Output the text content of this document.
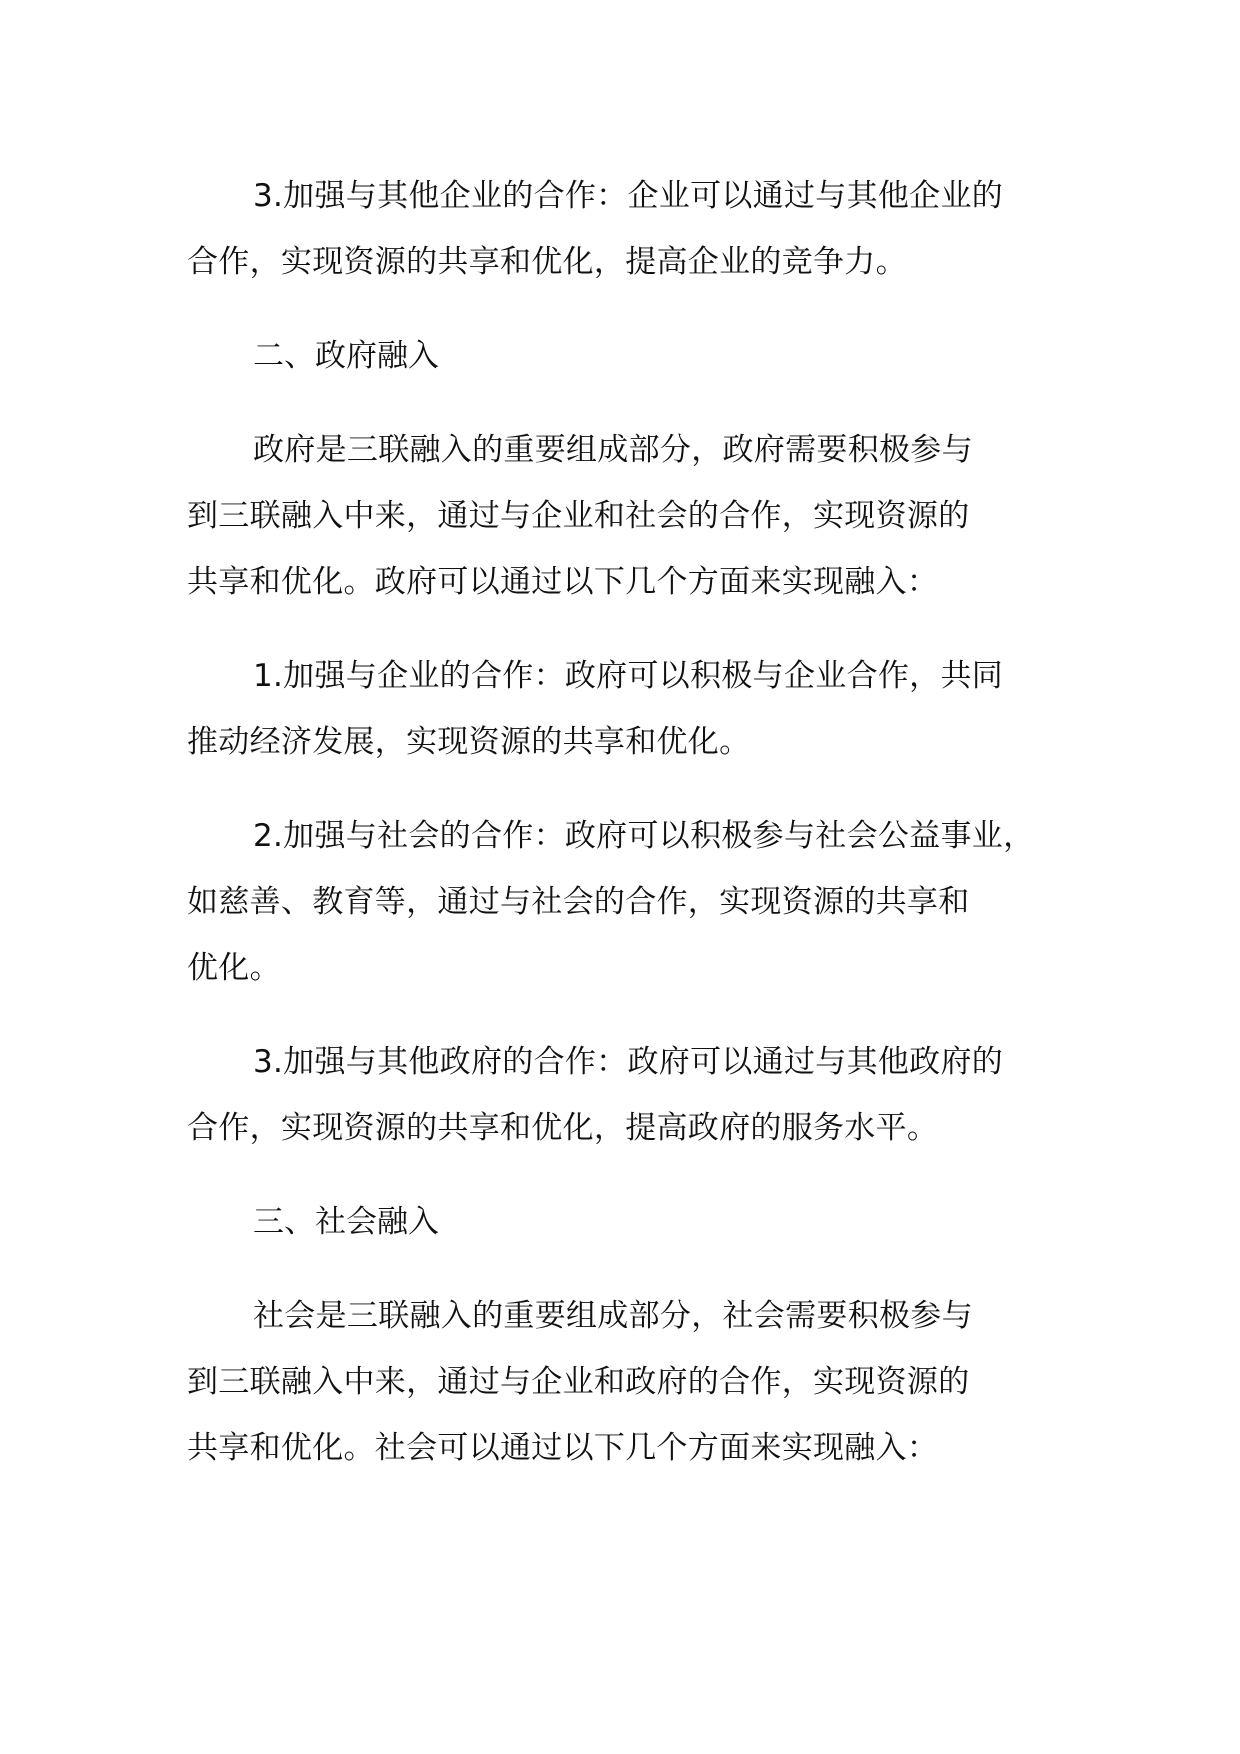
3.加强与其他企业的合作：企业可以通过与其他企业的
合作，实现资源的共享和优化，提高企业的竞争力。

二、政府融入

政府是三联融入的重要组成部分，政府需要积极参与
到三联融入中来，通过与企业和社会的合作，实现资源的
共享和优化。政府可以通过以下几个方面来实现融入：

1.加强与企业的合作：政府可以积极与企业合作，共同
推动经济发展，实现资源的共享和优化。

2.加强与社会的合作：政府可以积极参与社会公益事业，
如慈善、教育等，通过与社会的合作，实现资源的共享和
优化。

3.加强与其他政府的合作：政府可以通过与其他政府的
合作，实现资源的共享和优化，提高政府的服务水平。

三、社会融入

社会是三联融入的重要组成部分，社会需要积极参与
到三联融入中来，通过与企业和政府的合作，实现资源的
共享和优化。社会可以通过以下几个方面来实现融入：
